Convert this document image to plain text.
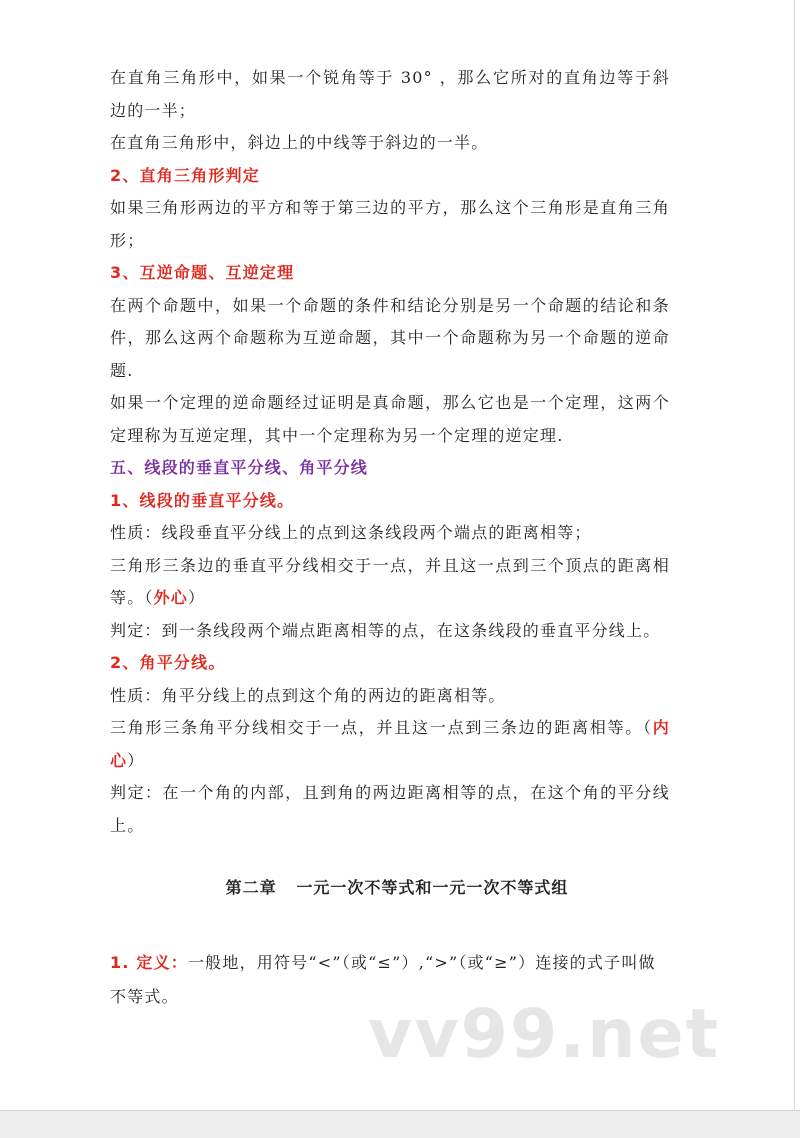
在直角三角形中，如果一个锐角等于 30° ，那么它所对的直角边等于斜边的一半；

在直角三角形中，斜边上的中线等于斜边的一半。

2、直角三角形判定

如果三角形两边的平方和等于第三边的平方，那么这个三角形是直角三角形；

3、互逆命题、互逆定理

在两个命题中，如果一个命题的条件和结论分别是另一个命题的结论和条件，那么这两个命题称为互逆命题，其中一个命题称为另一个命题的逆命题.

如果一个定理的逆命题经过证明是真命题，那么它也是一个定理，这两个定理称为互逆定理，其中一个定理称为另一个定理的逆定理.

五、线段的垂直平分线、角平分线

1、线段的垂直平分线。

性质：线段垂直平分线上的点到这条线段两个端点的距离相等；

三角形三条边的垂直平分线相交于一点，并且这一点到三个顶点的距离相等。（外心）

判定：到一条线段两个端点距离相等的点，在这条线段的垂直平分线上。

2、角平分线。

性质：角平分线上的点到这个角的两边的距离相等。

三角形三条角平分线相交于一点，并且这一点到三条边的距离相等。（内心）

判定：在一个角的内部，且到角的两边距离相等的点，在这个角的平分线上。

第二章   一元一次不等式和一元一次不等式组

1. 定义：一般地，用符号“<”（或“≤”）,“>”（或“≥”）连接的式子叫做不等式。	vv99.net
